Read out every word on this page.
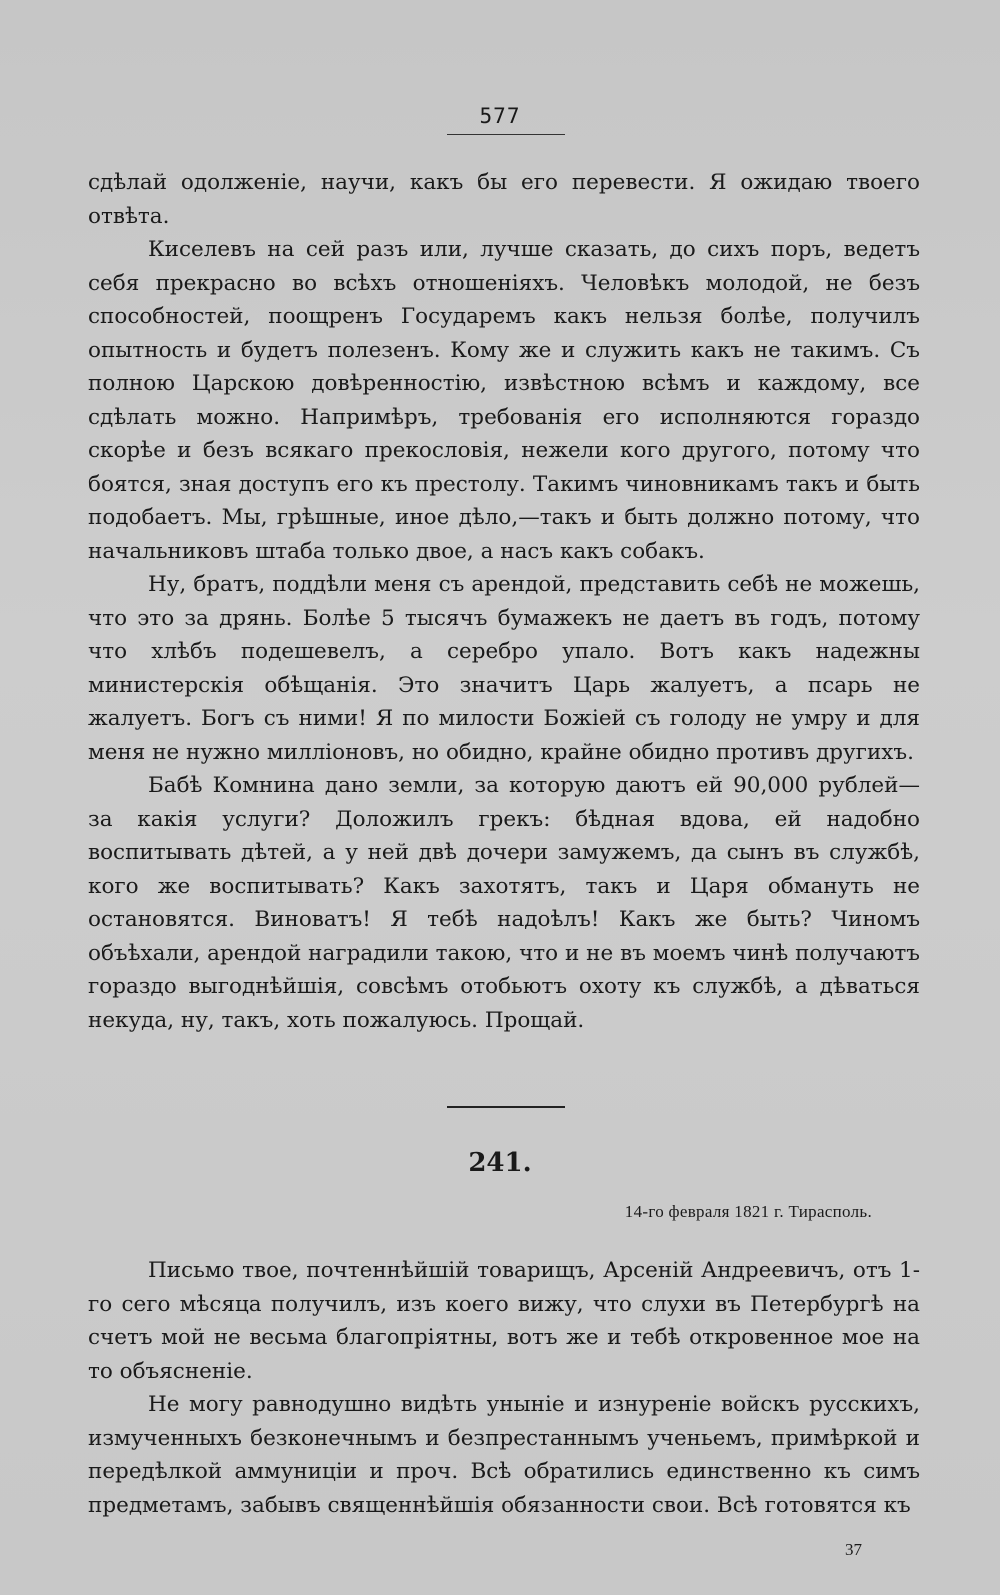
577

сдѣлай одолженіе, научи, какъ бы его перевести. Я ожидаю твоего отвѣта.

Киселевъ на сей разъ или, лучше сказать, до сихъ поръ, ведетъ себя прекрасно во всѣхъ отношеніяхъ. Человѣкъ молодой, не безъ способностей, поощренъ Государемъ какъ нельзя болѣе, получилъ опытность и будетъ полезенъ. Кому же и служить какъ не такимъ. Съ полною Царскою довѣренностію, извѣстною всѣмъ и каждому, все сдѣлать можно. Напримѣръ, требованія его исполняются гораздо скорѣе и безъ всякаго прекословія, нежели кого другого, потому что боятся, зная доступъ его къ престолу. Такимъ чиновникамъ такъ и быть подобаетъ. Мы, грѣшные, иное дѣло,—такъ и быть должно потому, что начальниковъ штаба только двое, а насъ какъ собакъ.

Ну, братъ, поддѣли меня съ арендой, представить себѣ не можешь, что это за дрянь. Болѣе 5 тысячъ бумажекъ не даетъ въ годъ, потому что хлѣбъ подешевелъ, а серебро упало. Вотъ какъ надежны министерскія обѣщанія. Это значитъ Царь жалуетъ, а псарь не жалуетъ. Богъ съ ними! Я по милости Божіей съ голоду не умру и для меня не нужно милліоновъ, но обидно, крайне обидно противъ другихъ.

Бабѣ Комнина дано земли, за которую даютъ ей 90,000 рублей— за какія услуги? Доложилъ грекъ: бѣдная вдова, ей надобно воспитывать дѣтей, а у ней двѣ дочери замужемъ, да сынъ въ службѣ, кого же воспитывать? Какъ захотятъ, такъ и Царя обмануть не остановятся. Виноватъ! Я тебѣ надоѣлъ! Какъ же быть? Чиномъ объѣхали, арендой наградили такою, что и не въ моемъ чинѣ получаютъ гораздо выгоднѣйшія, совсѣмъ отобьютъ охоту къ службѣ, а дѣваться некуда, ну, такъ, хоть пожалуюсь. Прощай.

241.
14-го февраля 1821 г. Тирасполь.

Письмо твое, почтеннѣйшій товарищъ, Арсеній Андреевичъ, отъ 1-го сего мѣсяца получилъ, изъ коего вижу, что слухи въ Петербургѣ на счетъ мой не весьма благопріятны, вотъ же и тебѣ откровенное мое на то объясненіе.

Не могу равнодушно видѣть уныніе и изнуреніе войскъ русскихъ, измученныхъ безконечнымъ и безпрестаннымъ ученьемъ, примѣркой и передѣлкой аммуниціи и проч. Всѣ обратились единственно къ симъ предметамъ, забывъ священнѣйшія обязанности свои. Всѣ готовятся къ

37
